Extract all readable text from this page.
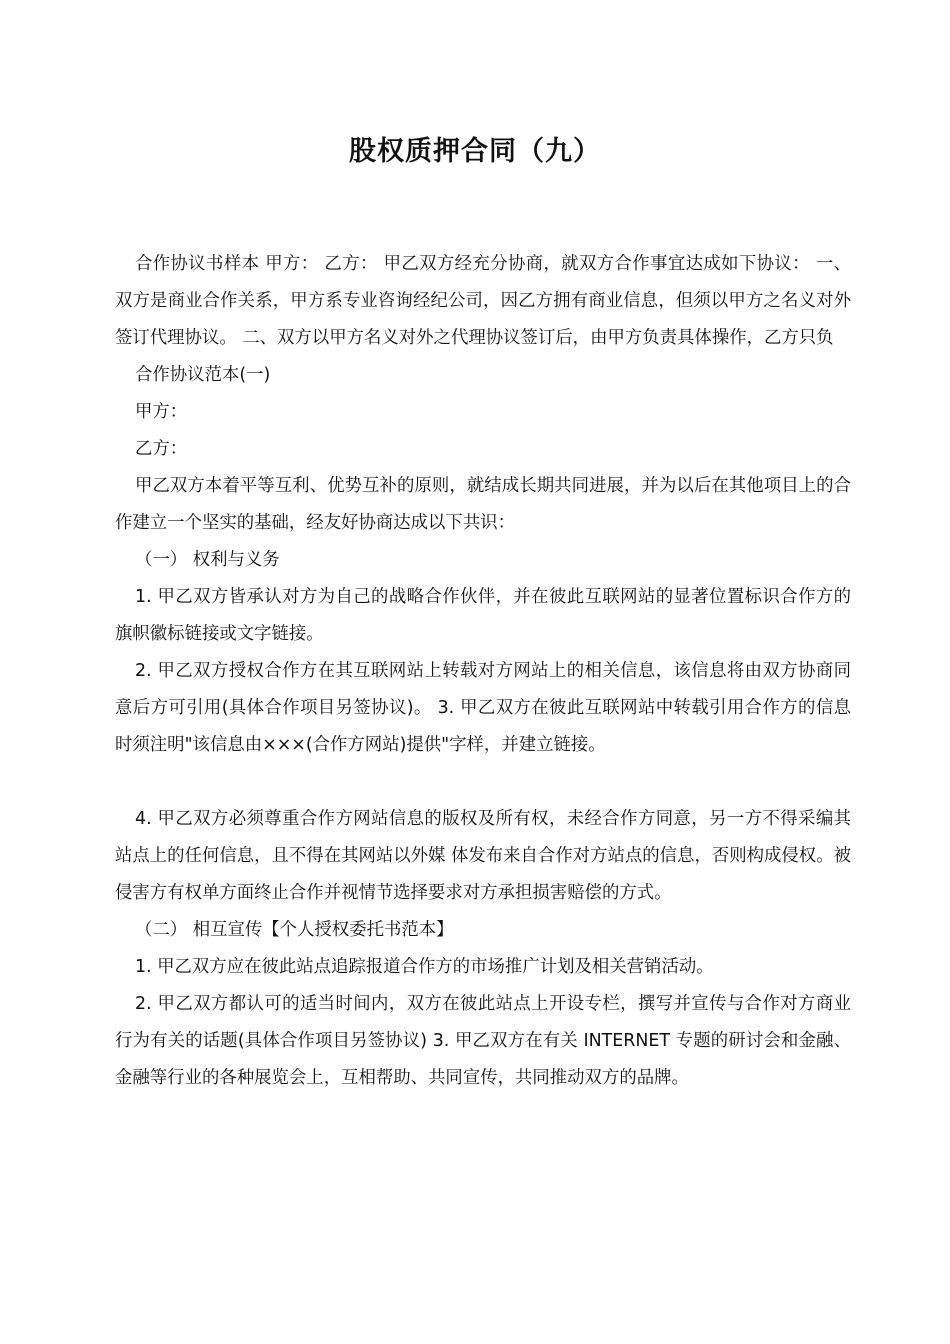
股权质押合同（九）

合作协议书样本 甲方： 乙方： 甲乙双方经充分协商，就双方合作事宜达成如下协议： 一、双方是商业合作关系，甲方系专业咨询经纪公司，因乙方拥有商业信息，但须以甲方之名义对外签订代理协议。 二、双方以甲方名义对外之代理协议签订后，由甲方负责具体操作，乙方只负

合作协议范本(一)

甲方：

乙方：

甲乙双方本着平等互利、优势互补的原则，就结成长期共同进展，并为以后在其他项目上的合作建立一个坚实的基础，经友好协商达成以下共识：

（一） 权利与义务

1. 甲乙双方皆承认对方为自己的战略合作伙伴，并在彼此互联网站的显著位置标识合作方的旗帜徽标链接或文字链接。

2. 甲乙双方授权合作方在其互联网站上转载对方网站上的相关信息，该信息将由双方协商同意后方可引用(具体合作项目另签协议)。 3. 甲乙双方在彼此互联网站中转载引用合作方的信息时须注明"该信息由×××(合作方网站)提供"字样，并建立链接。

4. 甲乙双方必须尊重合作方网站信息的版权及所有权，未经合作方同意，另一方不得采编其站点上的任何信息，且不得在其网站以外媒 体发布来自合作对方站点的信息，否则构成侵权。被侵害方有权单方面终止合作并视情节选择要求对方承担损害赔偿的方式。

（二） 相互宣传【个人授权委托书范本】

1. 甲乙双方应在彼此站点追踪报道合作方的市场推广计划及相关营销活动。

2. 甲乙双方都认可的适当时间内，双方在彼此站点上开设专栏，撰写并宣传与合作对方商业行为有关的话题(具体合作项目另签协议) 3. 甲乙双方在有关 INTERNET 专题的研讨会和金融、金融等行业的各种展览会上，互相帮助、共同宣传，共同推动双方的品牌。
